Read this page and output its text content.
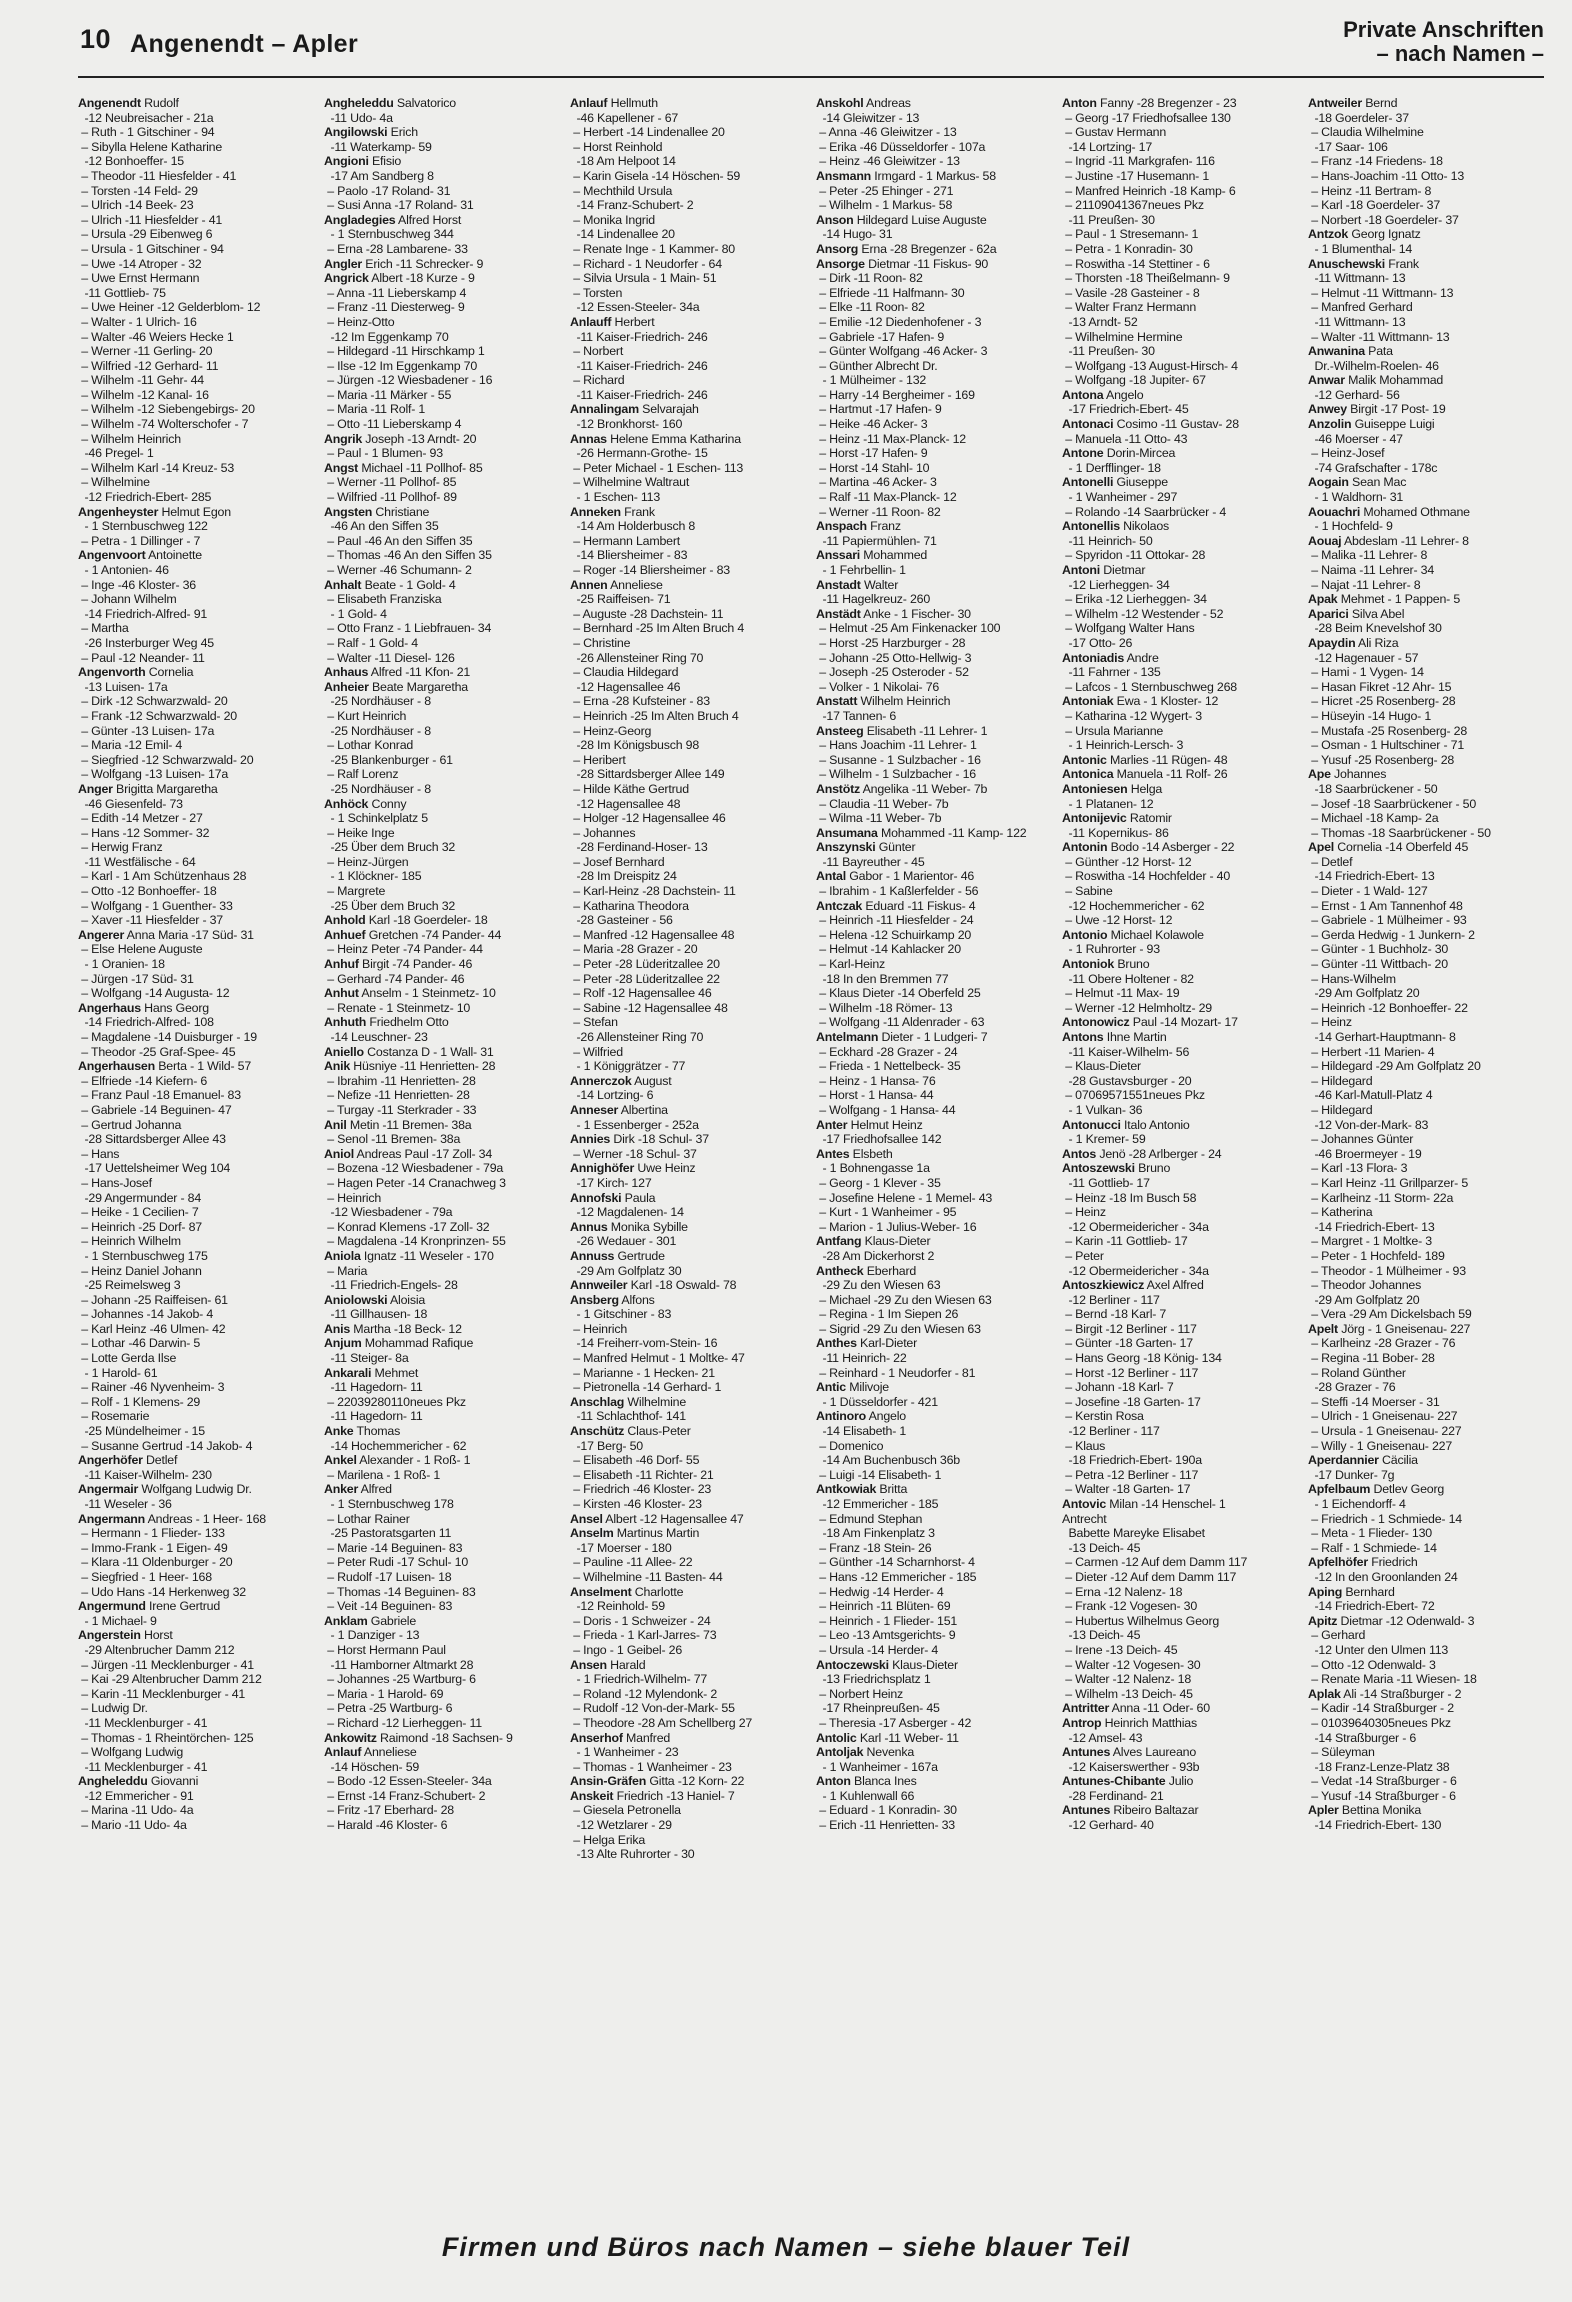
10 Angenendt – Apler
Private Anschriften
– nach Namen –
Angenendt Rudolf
-12 Neubreisacher - 21a
– Ruth - 1 Gitschiner - 94
– Sibylla Helene Katharine
-12 Bonhoeffer- 15
– Theodor -11 Hiesfelder - 41
– Torsten -14 Feld- 29
– Ulrich -14 Beek- 23
– Ulrich -11 Hiesfelder - 41
– Ursula -29 Eibenweg 6
– Ursula - 1 Gitschiner - 94
– Uwe -14 Atroper - 32
– Uwe Ernst Hermann
-11 Gottlieb- 75
– Uwe Heiner -12 Gelderblom- 12
– Walter - 1 Ulrich- 16
– Walter -46 Weiers Hecke 1
– Werner -11 Gerling- 20
– Wilfried -12 Gerhard- 11
– Wilhelm -11 Gehr- 44
– Wilhelm -12 Kanal- 16
– Wilhelm -12 Siebengebirgs- 20
– Wilhelm -74 Wolterschofer - 7
– Wilhelm Heinrich
-46 Pregel- 1
– Wilhelm Karl -14 Kreuz- 53
– Wilhelmine
-12 Friedrich-Ebert- 285
Angenheyster Helmut Egon
- 1 Sternbuschweg 122
– Petra - 1 Dillinger - 7
Angenvoort Antoinette
- 1 Antonien- 46
– Inge -46 Kloster- 36
– Johann Wilhelm
-14 Friedrich-Alfred- 91
– Martha
-26 Insterburger Weg 45
– Paul -12 Neander- 11
Angenvorth Cornelia
-13 Luisen- 17a
– Dirk -12 Schwarzwald- 20
– Frank -12 Schwarzwald- 20
– Günter -13 Luisen- 17a
– Maria -12 Emil- 4
– Siegfried -12 Schwarzwald- 20
– Wolfgang -13 Luisen- 17a
Anger Brigitta Margaretha
-46 Giesenfeld- 73
– Edith -14 Metzer - 27
– Hans -12 Sommer- 32
– Herwig Franz
-11 Westfälische - 64
– Karl - 1 Am Schützenhaus 28
– Otto -12 Bonhoeffer- 18
– Wolfgang - 1 Guenther- 33
– Xaver -11 Hiesfelder - 37
Angerer Anna Maria -17 Süd- 31
– Else Helene Auguste
- 1 Oranien- 18
– Jürgen -17 Süd- 31
– Wolfgang -14 Augusta- 12
Angerhaus Hans Georg
-14 Friedrich-Alfred- 108
– Magdalene -14 Duisburger - 19
– Theodor -25 Graf-Spee- 45
Angerhausen Berta - 1 Wild- 57
– Elfriede -14 Kiefern- 6
– Franz Paul -18 Emanuel- 83
– Gabriele -14 Beguinen- 47
– Gertrud Johanna
-28 Sittardsberger Allee 43
– Hans
-17 Uettelsheimer Weg 104
– Hans-Josef
-29 Angermunder - 84
– Heike - 1 Cecilien- 7
– Heinrich -25 Dorf- 87
– Heinrich Wilhelm
- 1 Sternbuschweg 175
– Heinz Daniel Johann
-25 Reimelsweg 3
– Johann -25 Raiffeisen- 61
– Johannes -14 Jakob- 4
– Karl Heinz -46 Ulmen- 42
– Lothar -46 Darwin- 5
– Lotte Gerda Ilse
- 1 Harold- 61
– Rainer -46 Nyvenheim- 3
– Rolf - 1 Klemens- 29
– Rosemarie
-25 Mündelheimer - 15
– Susanne Gertrud -14 Jakob- 4
Angerhöfer Detlef
-11 Kaiser-Wilhelm- 230
Angermair Wolfgang Ludwig Dr.
-11 Weseler - 36
Angermann Andreas - 1 Heer- 168
– Hermann - 1 Flieder- 133
– Immo-Frank - 1 Eigen- 49
– Klara -11 Oldenburger - 20
– Siegfried - 1 Heer- 168
– Udo Hans -14 Herkenweg 32
Angermund Irene Gertrud
- 1 Michael- 9
Angerstein Horst
-29 Altenbrucher Damm 212
– Jürgen -11 Mecklenburger - 41
– Kai -29 Altenbrucher Damm 212
– Karin -11 Mecklenburger - 41
– Ludwig Dr.
-11 Mecklenburger - 41
– Thomas - 1 Rheintörchen- 125
– Wolfgang Ludwig
-11 Mecklenburger - 41
Angheleddu Giovanni
-12 Emmericher - 91
– Marina -11 Udo- 4a
– Mario -11 Udo- 4a
Angheleddu Salvatorico
-11 Udo- 4a
Angilowski Erich
-11 Waterkamp- 59
Angioni Efisio
-17 Am Sandberg 8
– Paolo -17 Roland- 31
– Susi Anna -17 Roland- 31
Angladegies Alfred Horst
- 1 Sternbuschweg 344
– Erna -28 Lambarene- 33
Angler Erich -11 Schrecker- 9
Angrick Albert -18 Kurze - 9
– Anna -11 Lieberskamp 4
– Franz -11 Diesterweg- 9
– Heinz-Otto
-12 Im Eggenkamp 70
– Hildegard -11 Hirschkamp 1
– Ilse -12 Im Eggenkamp 70
– Jürgen -12 Wiesbadener - 16
– Maria -11 Märker - 55
– Maria -11 Rolf- 1
– Otto -11 Lieberskamp 4
Angrik Joseph -13 Arndt- 20
– Paul - 1 Blumen- 93
Angst Michael -11 Pollhof- 85
– Werner -11 Pollhof- 85
– Wilfried -11 Pollhof- 89
Angsten Christiane
-46 An den Siffen 35
– Paul -46 An den Siffen 35
– Thomas -46 An den Siffen 35
– Werner -46 Schumann- 2
Anhalt Beate - 1 Gold- 4
– Elisabeth Franziska
- 1 Gold- 4
– Otto Franz - 1 Liebfrauen- 34
– Ralf - 1 Gold- 4
– Walter -11 Diesel- 126
Anhaus Alfred -11 Kfon- 21
Anheier Beate Margaretha
-25 Nordhäuser - 8
– Kurt Heinrich
-25 Nordhäuser - 8
– Lothar Konrad
-25 Blankenburger - 61
– Ralf Lorenz
-25 Nordhäuser - 8
Anhöck Conny
- 1 Schinkelplatz 5
– Heike Inge
-25 Über dem Bruch 32
– Heinz-Jürgen
- 1 Klöckner- 185
– Margrete
-25 Über dem Bruch 32
Anhold Karl -18 Goerdeler- 18
Anhuef Gretchen -74 Pander- 44
– Heinz Peter -74 Pander- 44
Anhuf Birgit -74 Pander- 46
– Gerhard -74 Pander- 46
Anhut Anselm - 1 Steinmetz- 10
– Renate - 1 Steinmetz- 10
Anhuth Friedhelm Otto
-14 Leuschner- 23
Aniello Costanza D - 1 Wall- 31
Anik Hüsniye -11 Henrietten- 28
– Ibrahim -11 Henrietten- 28
– Nefize -11 Henrietten- 28
– Turgay -11 Sterkrader - 33
Anil Metin -11 Bremen- 38a
– Senol -11 Bremen- 38a
Aniol Andreas Paul -17 Zoll- 34
– Bozena -12 Wiesbadener - 79a
– Hagen Peter -14 Cranachweg 3
– Heinrich
-12 Wiesbadener - 79a
– Konrad Klemens -17 Zoll- 32
– Magdalena -14 Kronprinzen- 55
Aniola Ignatz -11 Weseler - 170
– Maria
-11 Friedrich-Engels- 28
Aniolowski Aloisia
-11 Gillhausen- 18
Anis Martha -18 Beck- 12
Anjum Mohammad Rafique
-11 Steiger- 8a
Ankarali Mehmet
-11 Hagedorn- 11
– 22039280110neues Pkz
-11 Hagedorn- 11
Anke Thomas
-14 Hochemmericher - 62
Ankel Alexander - 1 Roß- 1
– Marilena - 1 Roß- 1
Anker Alfred
- 1 Sternbuschweg 178
– Lothar Rainer
-25 Pastoratsgarten 11
– Marie -14 Beguinen- 83
– Peter Rudi -17 Schul- 10
– Rudolf -17 Luisen- 18
– Thomas -14 Beguinen- 83
– Veit -14 Beguinen- 83
Anklam Gabriele
- 1 Danziger - 13
– Horst Hermann Paul
-11 Hamborner Altmarkt 28
– Johannes -25 Wartburg- 6
– Maria - 1 Harold- 69
– Petra -25 Wartburg- 6
– Richard -12 Lierheggen- 11
Ankowitz Raimond -18 Sachsen- 9
Anlauf Anneliese
-14 Höschen- 59
– Bodo -12 Essen-Steeler- 34a
– Ernst -14 Franz-Schubert- 2
– Fritz -17 Eberhard- 28
– Harald -46 Kloster- 6
Anlauf Hellmuth
-46 Kapellener - 67
– Herbert -14 Lindenallee 20
– Horst Reinhold
-18 Am Helpoot 14
– Karin Gisela -14 Höschen- 59
– Mechthild Ursula
-14 Franz-Schubert- 2
– Monika Ingrid
-14 Lindenallee 20
– Renate Inge - 1 Kammer- 80
– Richard - 1 Neudorfer - 64
– Silvia Ursula - 1 Main- 51
– Torsten
-12 Essen-Steeler- 34a
Anlauff Herbert
-11 Kaiser-Friedrich- 246
– Norbert
-11 Kaiser-Friedrich- 246
– Richard
-11 Kaiser-Friedrich- 246
Annalingam Selvarajah
-12 Bronkhorst- 160
Annas Helene Emma Katharina
-26 Hermann-Grothe- 15
– Peter Michael - 1 Eschen- 113
– Wilhelmine Waltraut
- 1 Eschen- 113
Anneken Frank
-14 Am Holderbusch 8
– Hermann Lambert
-14 Bliersheimer - 83
– Roger -14 Bliersheimer - 83
Annen Anneliese
-25 Raiffeisen- 71
– Auguste -28 Dachstein- 11
– Bernhard -25 Im Alten Bruch 4
– Christine
-26 Allensteiner Ring 70
– Claudia Hildegard
-12 Hagensallee 46
– Erna -28 Kufsteiner - 83
– Heinrich -25 Im Alten Bruch 4
– Heinz-Georg
-28 Im Königsbusch 98
– Heribert
-28 Sittardsberger Allee 149
– Hilde Käthe Gertrud
-12 Hagensallee 48
– Holger -12 Hagensallee 46
– Johannes
-28 Ferdinand-Hoser- 13
– Josef Bernhard
-28 Im Dreispitz 24
– Karl-Heinz -28 Dachstein- 11
– Katharina Theodora
-28 Gasteiner - 56
– Manfred -12 Hagensallee 48
– Maria -28 Grazer - 20
– Peter -28 Lüderitzallee 20
– Peter -28 Lüderitzallee 22
– Rolf -12 Hagensallee 46
– Sabine -12 Hagensallee 48
– Stefan
-26 Allensteiner Ring 70
– Wilfried
- 1 Königgrätzer - 77
Annerczok August
-14 Lortzing- 6
Anneser Albertina
- 1 Essenberger - 252a
Annies Dirk -18 Schul- 37
– Werner -18 Schul- 37
Annighöfer Uwe Heinz
-17 Kirch- 127
Annofski Paula
-12 Magdalenen- 14
Annus Monika Sybille
-26 Wedauer - 301
Annuss Gertrude
-29 Am Golfplatz 30
Annweiler Karl -18 Oswald- 78
Ansberg Alfons
- 1 Gitschiner - 83
– Heinrich
-14 Freiherr-vom-Stein- 16
– Manfred Helmut - 1 Moltke- 47
– Marianne - 1 Hecken- 21
– Pietronella -14 Gerhard- 1
Anschlag Wilhelmine
-11 Schlachthof- 141
Anschütz Claus-Peter
-17 Berg- 50
– Elisabeth -46 Dorf- 55
– Elisabeth -11 Richter- 21
– Friedrich -46 Kloster- 23
– Kirsten -46 Kloster- 23
Ansel Albert -12 Hagensallee 47
Anselm Martinus Martin
-17 Moerser - 180
– Pauline -11 Allee- 22
– Wilhelmine -11 Basten- 44
Anselment Charlotte
-12 Reinhold- 59
– Doris - 1 Schweizer - 24
– Frieda - 1 Karl-Jarres- 73
– Ingo - 1 Geibel- 26
Ansen Harald
- 1 Friedrich-Wilhelm- 77
– Roland -12 Mylendonk- 2
– Rudolf -12 Von-der-Mark- 55
– Theodore -28 Am Schellberg 27
Anserhof Manfred
- 1 Wanheimer - 23
– Thomas - 1 Wanheimer - 23
Ansin-Gräfen Gitta -12 Korn- 22
Anskeit Friedrich -13 Haniel- 7
– Giesela Petronella
-12 Wetzlarer - 29
– Helga Erika
-13 Alte Ruhrorter - 30
Anskohl Andreas
-14 Gleiwitzer - 13
– Anna -46 Gleiwitzer - 13
– Erika -46 Düsseldorfer - 107a
– Heinz -46 Gleiwitzer - 13
Ansmann Irmgard - 1 Markus- 58
– Peter -25 Ehinger - 271
– Wilhelm - 1 Markus- 58
Anson Hildegard Luise Auguste
-14 Hugo- 31
Ansorg Erna -28 Bregenzer - 62a
Ansorge Dietmar -11 Fiskus- 90
– Dirk -11 Roon- 82
– Elfriede -11 Halfmann- 30
– Elke -11 Roon- 82
– Emilie -12 Diedenhofener - 3
– Gabriele -17 Hafen- 9
– Günter Wolfgang -46 Acker- 3
– Günther Albrecht Dr.
- 1 Mülheimer - 132
– Harry -14 Bergheimer - 169
– Hartmut -17 Hafen- 9
– Heike -46 Acker- 3
– Heinz -11 Max-Planck- 12
– Horst -17 Hafen- 9
– Horst -14 Stahl- 10
– Martina -46 Acker- 3
– Ralf -11 Max-Planck- 12
– Werner -11 Roon- 82
Anspach Franz
-11 Papiermühlen- 71
Anssari Mohammed
- 1 Fehrbellin- 1
Anstadt Walter
-11 Hagelkreuz- 260
Anstädt Anke - 1 Fischer- 30
– Helmut -25 Am Finkenacker 100
– Horst -25 Harzburger - 28
– Johann -25 Otto-Hellwig- 3
– Joseph -25 Osteroder - 52
– Volker - 1 Nikolai- 76
Anstatt Wilhelm Heinrich
-17 Tannen- 6
Ansteeg Elisabeth -11 Lehrer- 1
– Hans Joachim -11 Lehrer- 1
– Susanne - 1 Sulzbacher - 16
– Wilhelm - 1 Sulzbacher - 16
Anstötz Angelika -11 Weber- 7b
– Claudia -11 Weber- 7b
– Wilma -11 Weber- 7b
Ansumana Mohammed -11 Kamp- 122
Anszynski Günter
-11 Bayreuther - 45
Antal Gabor - 1 Marientor- 46
– Ibrahim - 1 Kaßlerfelder - 56
Antczak Eduard -11 Fiskus- 4
– Heinrich -11 Hiesfelder - 24
– Helena -12 Schuirkamp 20
– Helmut -14 Kahlacker 20
– Karl-Heinz
-18 In den Bremmen 77
– Klaus Dieter -14 Oberfeld 25
– Wilhelm -18 Römer- 13
– Wolfgang -11 Aldenrader - 63
Antelmann Dieter - 1 Ludgeri- 7
– Eckhard -28 Grazer - 24
– Frieda - 1 Nettelbeck- 35
– Heinz - 1 Hansa- 76
– Horst - 1 Hansa- 44
– Wolfgang - 1 Hansa- 44
Anter Helmut Heinz
-17 Friedhofsallee 142
Antes Elsbeth
- 1 Bohnengasse 1a
– Georg - 1 Klever - 35
– Josefine Helene - 1 Memel- 43
– Kurt - 1 Wanheimer - 95
– Marion - 1 Julius-Weber- 16
Antfang Klaus-Dieter
-28 Am Dickerhorst 2
Antheck Eberhard
-29 Zu den Wiesen 63
– Michael -29 Zu den Wiesen 63
– Regina - 1 Im Siepen 26
– Sigrid -29 Zu den Wiesen 63
Anthes Karl-Dieter
-11 Heinrich- 22
– Reinhard - 1 Neudorfer - 81
Antic Milivoje
- 1 Düsseldorfer - 421
Antinoro Angelo
-14 Elisabeth- 1
– Domenico
-14 Am Buchenbusch 36b
– Luigi -14 Elisabeth- 1
Antkowiak Britta
-12 Emmericher - 185
– Edmund Stephan
-18 Am Finkenplatz 3
– Franz -18 Stein- 26
– Günther -14 Scharnhorst- 4
– Hans -12 Emmericher - 185
– Hedwig -14 Herder- 4
– Heinrich -11 Blüten- 69
– Heinrich - 1 Flieder- 151
– Leo -13 Amtsgerichts- 9
– Ursula -14 Herder- 4
Antoczewski Klaus-Dieter
-13 Friedrichsplatz 1
– Norbert Heinz
-17 Rheinpreußen- 45
– Theresia -17 Asberger - 42
Antolic Karl -11 Weber- 11
Antoljak Nevenka
- 1 Wanheimer - 167a
Anton Blanca Ines
- 1 Kuhlenwall 66
– Eduard - 1 Konradin- 30
– Erich -11 Henrietten- 33
Anton Fanny -28 Bregenzer - 23
– Georg -17 Friedhofsallee 130
– Gustav Hermann
-14 Lortzing- 17
– Ingrid -11 Markgrafen- 116
– Justine -17 Husemann- 1
– Manfred Heinrich -18 Kamp- 6
– 21109041367neues Pkz
-11 Preußen- 30
– Paul - 1 Stresemann- 1
– Petra - 1 Konradin- 30
– Roswitha -14 Stettiner - 6
– Thorsten -18 Theißelmann- 9
– Vasile -28 Gasteiner - 8
– Walter Franz Hermann
-13 Arndt- 52
– Wilhelmine Hermine
-11 Preußen- 30
– Wolfgang -13 August-Hirsch- 4
– Wolfgang -18 Jupiter- 67
Antona Angelo
-17 Friedrich-Ebert- 45
Antonaci Cosimo -11 Gustav- 28
– Manuela -11 Otto- 43
Antone Dorin-Mircea
- 1 Derfflinger- 18
Antonelli Giuseppe
- 1 Wanheimer - 297
– Rolando -14 Saarbrücker - 4
Antonellis Nikolaos
-11 Heinrich- 50
– Spyridon -11 Ottokar- 28
Antoni Dietmar
-12 Lierheggen- 34
– Erika -12 Lierheggen- 34
– Wilhelm -12 Westender - 52
– Wolfgang Walter Hans
-17 Otto- 26
Antoniadis Andre
-11 Fahrner - 135
– Lafcos - 1 Sternbuschweg 268
Antoniak Ewa - 1 Kloster- 12
– Katharina -12 Wygert- 3
– Ursula Marianne
- 1 Heinrich-Lersch- 3
Antonic Marlies -11 Rügen- 48
Antonica Manuela -11 Rolf- 26
Antoniesen Helga
- 1 Platanen- 12
Antonijevic Ratomir
-11 Kopernikus- 86
Antonin Bodo -14 Asberger - 22
– Günther -12 Horst- 12
– Roswitha -14 Hochfelder - 40
– Sabine
-12 Hochemmericher - 62
– Uwe -12 Horst- 12
Antonio Michael Kolawole
- 1 Ruhrorter - 93
Antoniok Bruno
-11 Obere Holtener - 82
– Helmut -11 Max- 19
– Werner -12 Helmholtz- 29
Antonowicz Paul -14 Mozart- 17
Antons Ihne Martin
-11 Kaiser-Wilhelm- 56
– Klaus-Dieter
-28 Gustavsburger - 20
– 07069571551neues Pkz
- 1 Vulkan- 36
Antonucci Italo Antonio
- 1 Kremer- 59
Antos Jenö -28 Arlberger - 24
Antoszewski Bruno
-11 Gottlieb- 17
– Heinz -18 Im Busch 58
– Heinz
-12 Obermeidericher - 34a
– Karin -11 Gottlieb- 17
– Peter
-12 Obermeidericher - 34a
Antoszkiewicz Axel Alfred
-12 Berliner - 117
– Bernd -18 Karl- 7
– Birgit -12 Berliner - 117
– Günter -18 Garten- 17
– Hans Georg -18 König- 134
– Horst -12 Berliner - 117
– Johann -18 Karl- 7
– Josefine -18 Garten- 17
– Kerstin Rosa
-12 Berliner - 117
– Klaus
-18 Friedrich-Ebert- 190a
– Petra -12 Berliner - 117
– Walter -18 Garten- 17
Antovic Milan -14 Henschel- 1
Antrecht
Babette Mareyke Elisabet
-13 Deich- 45
– Carmen -12 Auf dem Damm 117
– Dieter -12 Auf dem Damm 117
– Erna -12 Nalenz- 18
– Frank -12 Vogesen- 30
– Hubertus Wilhelmus Georg
-13 Deich- 45
– Irene -13 Deich- 45
– Walter -12 Vogesen- 30
– Walter -12 Nalenz- 18
– Wilhelm -13 Deich- 45
Antritter Anna -11 Oder- 60
Antrop Heinrich Matthias
-12 Amsel- 43
Antunes Alves Laureano
-12 Kaiserswerther - 93b
Antunes-Chibante Julio
-28 Ferdinand- 21
Antunes Ribeiro Baltazar
-12 Gerhard- 40
Antweiler Bernd
-18 Goerdeler- 37
– Claudia Wilhelmine
-17 Saar- 106
– Franz -14 Friedens- 18
– Hans-Joachim -11 Otto- 13
– Heinz -11 Bertram- 8
– Karl -18 Goerdeler- 37
– Norbert -18 Goerdeler- 37
Antzok Georg Ignatz
- 1 Blumenthal- 14
Anuschewski Frank
-11 Wittmann- 13
– Helmut -11 Wittmann- 13
– Manfred Gerhard
-11 Wittmann- 13
– Walter -11 Wittmann- 13
Anwanina Pata
Dr.-Wilhelm-Roelen- 46
Anwar Malik Mohammad
-12 Gerhard- 56
Anwey Birgit -17 Post- 19
Anzolin Guiseppe Luigi
-46 Moerser - 47
– Heinz-Josef
-74 Grafschafter - 178c
Aogain Sean Mac
- 1 Waldhorn- 31
Aouachri Mohamed Othmane
- 1 Hochfeld- 9
Aouaj Abdeslam -11 Lehrer- 8
– Malika -11 Lehrer- 8
– Naima -11 Lehrer- 34
– Najat -11 Lehrer- 8
Apak Mehmet - 1 Pappen- 5
Aparici Silva Abel
-28 Beim Knevelshof 30
Apaydin Ali Riza
-12 Hagenauer - 57
– Hami - 1 Vygen- 14
– Hasan Fikret -12 Ahr- 15
– Hicret -25 Rosenberg- 28
– Hüseyin -14 Hugo- 1
– Mustafa -25 Rosenberg- 28
– Osman - 1 Hultschiner - 71
– Yusuf -25 Rosenberg- 28
Ape Johannes
-18 Saarbrückener - 50
– Josef -18 Saarbrückener - 50
– Michael -18 Kamp- 2a
– Thomas -18 Saarbrückener - 50
Apel Cornelia -14 Oberfeld 45
– Detlef
-14 Friedrich-Ebert- 13
– Dieter - 1 Wald- 127
– Ernst - 1 Am Tannenhof 48
– Gabriele - 1 Mülheimer - 93
– Gerda Hedwig - 1 Junkern- 2
– Günter - 1 Buchholz- 30
– Günter -11 Wittbach- 20
– Hans-Wilhelm
-29 Am Golfplatz 20
– Heinrich -12 Bonhoeffer- 22
– Heinz
-14 Gerhart-Hauptmann- 8
– Herbert -11 Marien- 4
– Hildegard -29 Am Golfplatz 20
– Hildegard
-46 Karl-Matull-Platz 4
– Hildegard
-12 Von-der-Mark- 83
– Johannes Günter
-46 Broermeyer - 19
– Karl -13 Flora- 3
– Karl Heinz -11 Grillparzer- 5
– Karlheinz -11 Storm- 22a
– Katherina
-14 Friedrich-Ebert- 13
– Margret - 1 Moltke- 3
– Peter - 1 Hochfeld- 189
– Theodor - 1 Mülheimer - 93
– Theodor Johannes
-29 Am Golfplatz 20
– Vera -29 Am Dickelsbach 59
Apelt Jörg - 1 Gneisenau- 227
– Karlheinz -28 Grazer - 76
– Regina -11 Bober- 28
– Roland Günther
-28 Grazer - 76
– Steffi -14 Moerser - 31
– Ulrich - 1 Gneisenau- 227
– Ursula - 1 Gneisenau- 227
– Willy - 1 Gneisenau- 227
Aperdannier Cäcilia
-17 Dunker- 7g
Apfelbaum Detlev Georg
- 1 Eichendorff- 4
– Friedrich - 1 Schmiede- 14
– Meta - 1 Flieder- 130
– Ralf - 1 Schmiede- 14
Apfelhöfer Friedrich
-12 In den Groonlanden 24
Aping Bernhard
-14 Friedrich-Ebert- 72
Apitz Dietmar -12 Odenwald- 3
– Gerhard
-12 Unter den Ulmen 113
– Otto -12 Odenwald- 3
– Renate Maria -11 Wiesen- 18
Aplak Ali -14 Straßburger - 2
– Kadir -14 Straßburger - 2
– 01039640305neues Pkz
-14 Straßburger - 6
– Süleyman
-18 Franz-Lenze-Platz 38
– Vedat -14 Straßburger - 6
– Yusuf -14 Straßburger - 6
Apler Bettina Monika
-14 Friedrich-Ebert- 130
Firmen und Büros nach Namen – siehe blauer Teil
